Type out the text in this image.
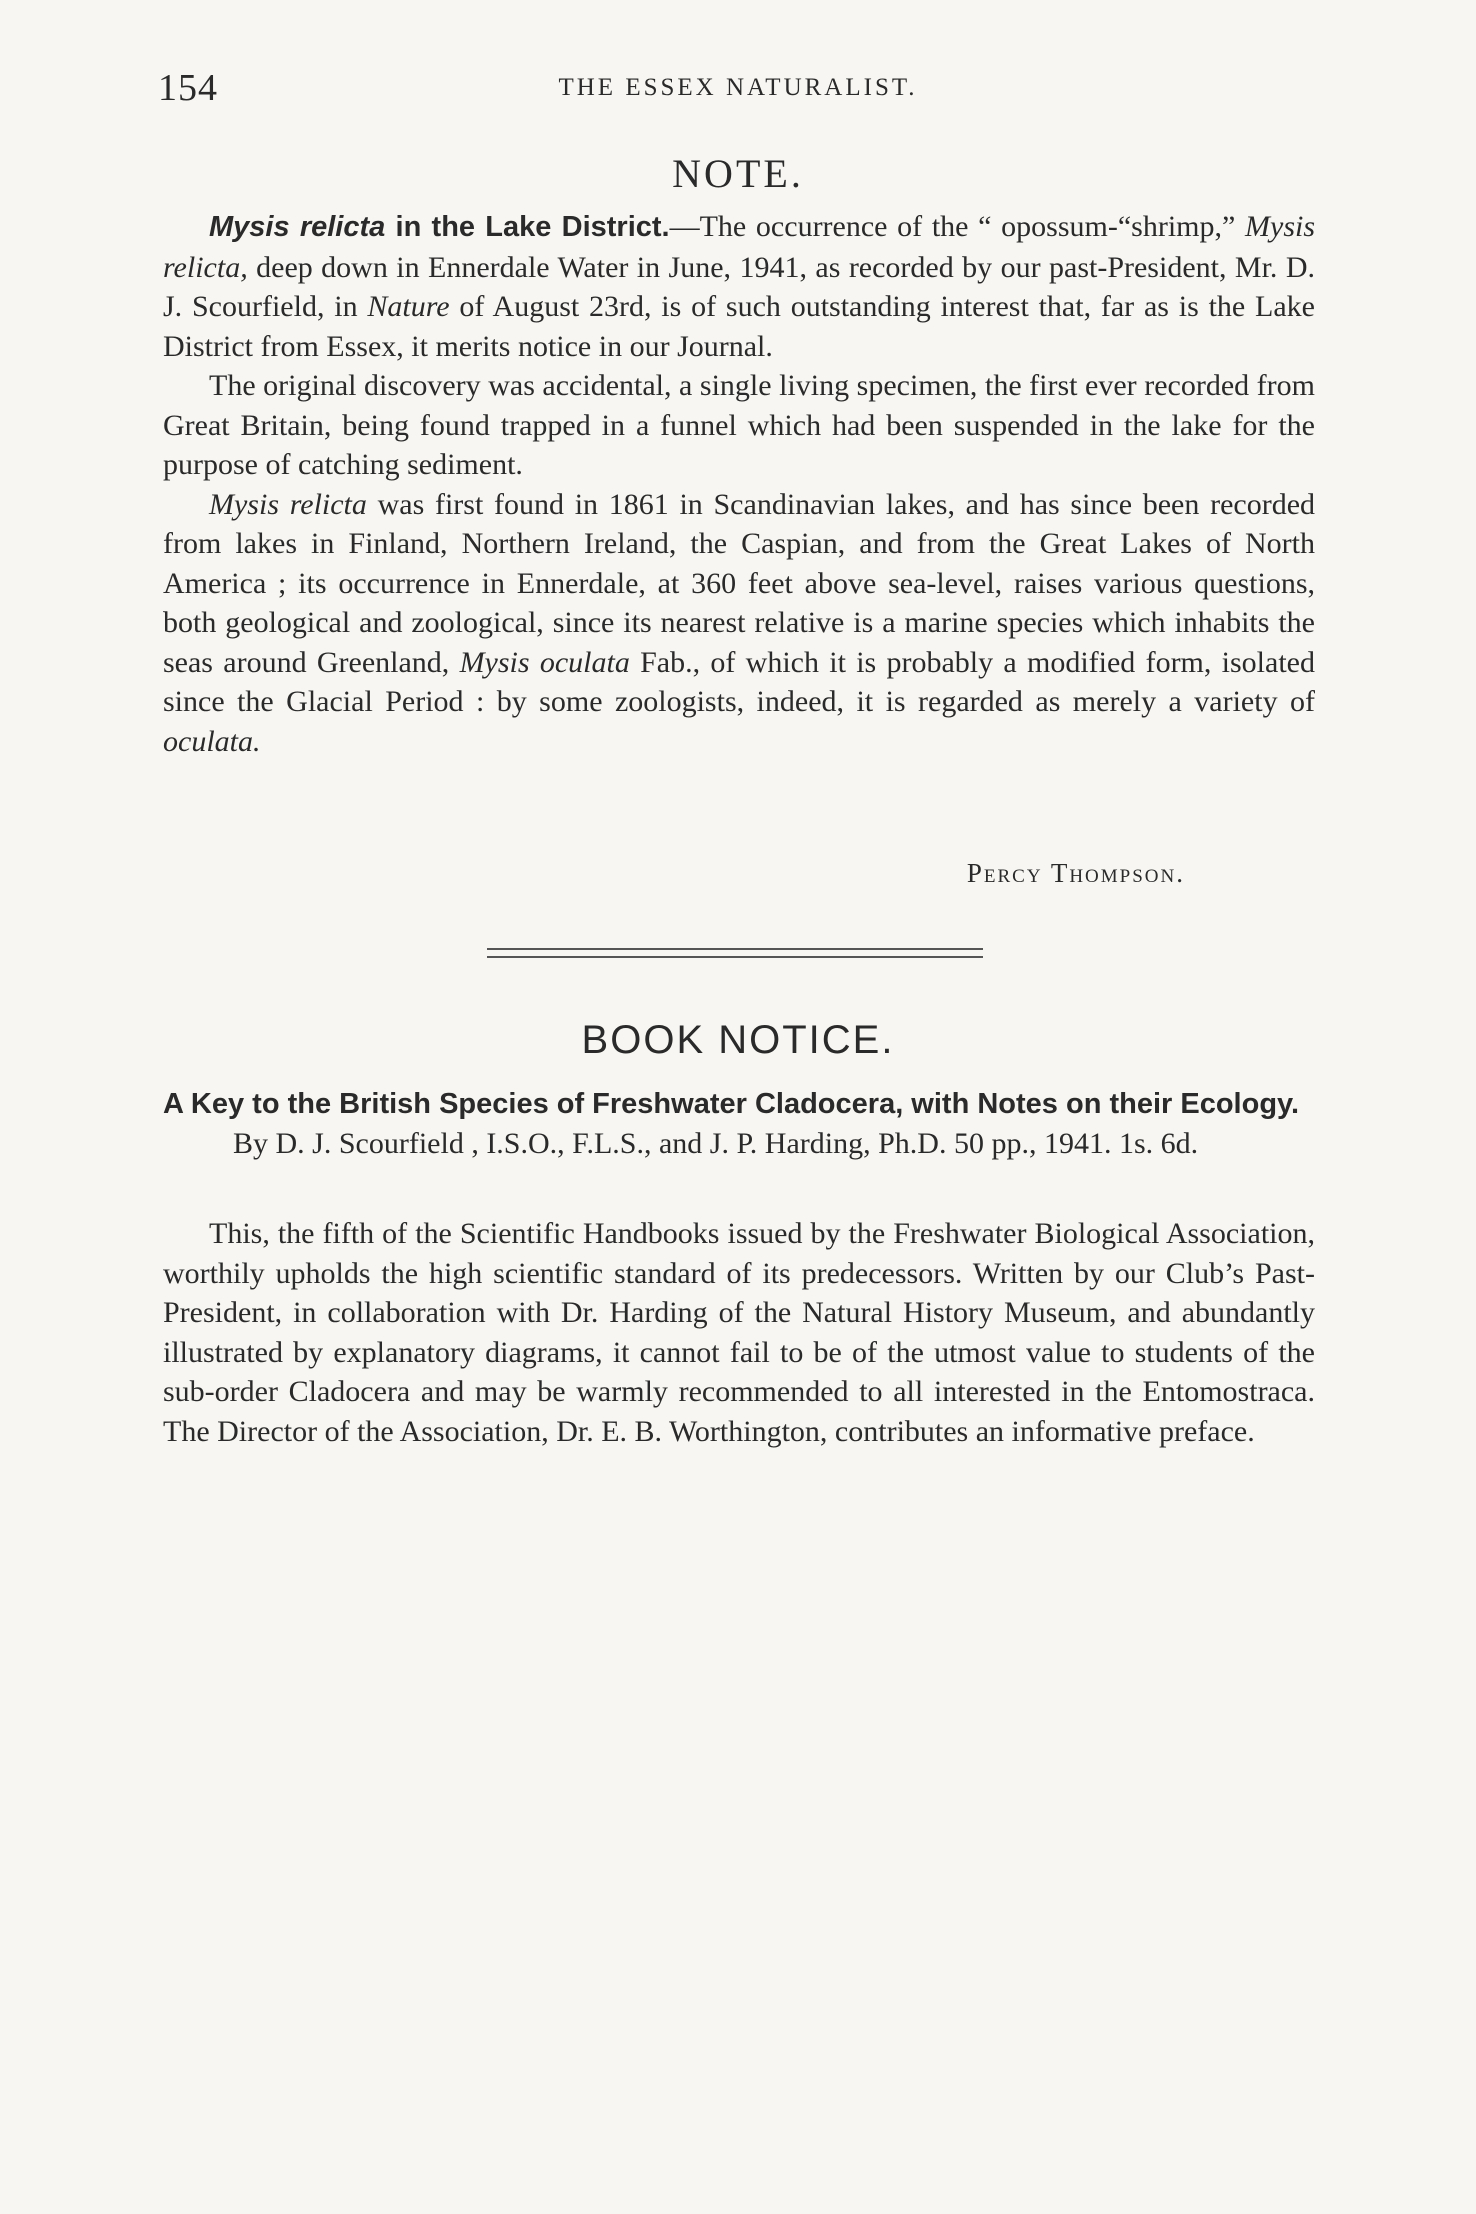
154	THE ESSEX NATURALIST.
NOTE.

Mysis relicta in the Lake District.—The occurrence of the “ opossum-“shrimp,” Mysis relicta, deep down in Ennerdale Water in June, 1941, as recorded by our past-President, Mr. D. J. Scourfield, in Nature of August 23rd, is of such outstanding interest that, far as is the Lake District from Essex, it merits notice in our Journal.

The original discovery was accidental, a single living specimen, the first ever recorded from Great Britain, being found trapped in a funnel which had been suspended in the lake for the purpose of catching sediment.

Mysis relicta was first found in 1861 in Scandinavian lakes, and has since been recorded from lakes in Finland, Northern Ireland, the Caspian, and from the Great Lakes of North America ; its occurrence in Ennerdale, at 360 feet above sea-level, raises various questions, both geological and zoological, since its nearest relative is a marine species which inhabits the seas around Greenland, Mysis oculata Fab., of which it is probably a modified form, isolated since the Glacial Period : by some zoologists, indeed, it is regarded as merely a variety of oculata.

Percy Thompson.
BOOK NOTICE.
A Key to the British Species of Freshwater Cladocera, with Notes on their Ecology. By D. J. Scourfield , I.S.O., F.L.S., and J. P. Harding, Ph.D. 50 pp., 1941. 1s. 6d.

This, the fifth of the Scientific Handbooks issued by the Freshwater Biological Association, worthily upholds the high scientific standard of its predecessors. Written by our Club’s Past-President, in collaboration with Dr. Harding of the Natural History Museum, and abundantly illustrated by explanatory diagrams, it cannot fail to be of the utmost value to students of the sub-order Cladocera and may be warmly recommended to all interested in the Entomostraca. The Director of the Association, Dr. E. B. Worthington, contributes an informative preface.
